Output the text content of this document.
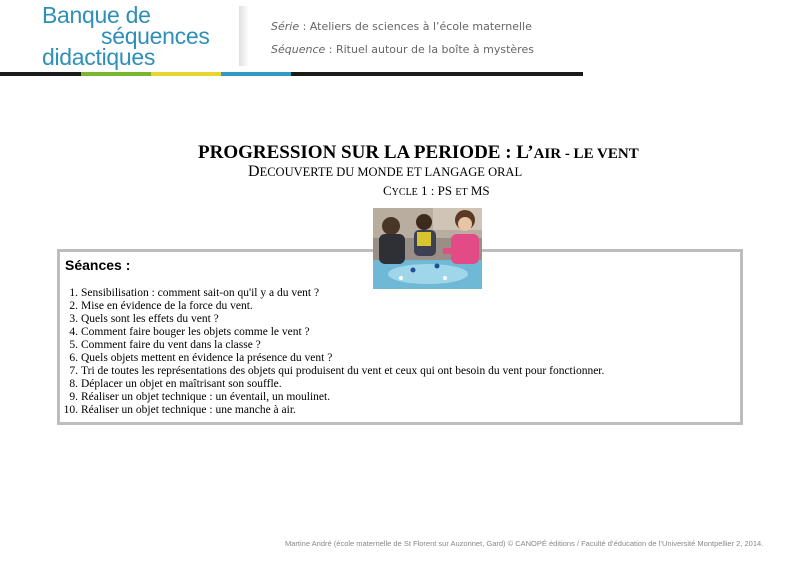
Banque de
séquences
didactiques
Série : Ateliers de sciences à l’école maternelle
Séquence : Rituel autour de la boîte à mystères
PROGRESSION SUR LA PERIODE : L’AIR - LE VENT
DECOUVERTE DU MONDE ET LANGAGE ORAL
CYCLE 1 : PS ET MS
Séances :
1. Sensibilisation : comment sait-on qu'il y a du vent ?
2. Mise en évidence de la force du vent.
3. Quels sont les effets du vent ?
4. Comment faire bouger les objets comme le vent ?
5. Comment faire du vent dans la classe ?
6. Quels objets mettent en évidence la présence du vent ?
7. Tri de toutes les représentations des objets qui produisent du vent et ceux qui ont besoin du vent pour fonctionner.
8. Déplacer un objet en maîtrisant son souffle.
9. Réaliser un objet technique : un éventail, un moulinet.
10. Réaliser un objet technique : une manche à air.
Martine André (école maternelle de St Florent sur Auzonnet, Gard) © CANOPÉ éditions / Faculté d’éducation de l’Université Montpellier 2, 2014.
